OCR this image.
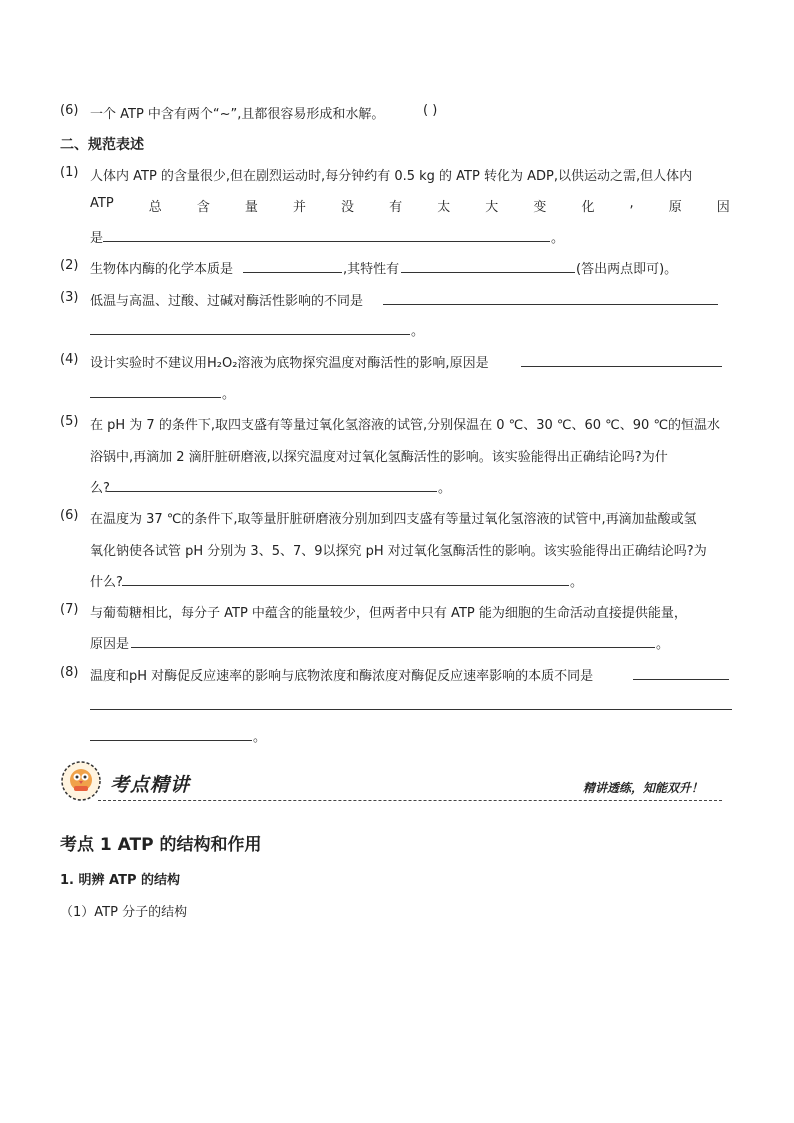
(6) 一个 ATP 中含有两个“~”,且都很容易形成和水解。	( )
二、规范表述
(1) 人体内 ATP 的含量很少,但在剧烈运动时,每分钟约有 0.5 kg 的 ATP 转化为 ADP,以供运动之需,但人体内
ATP	总	含	量	并	没	有	太	大	变	化	,	原	因
是	。
(2) 生物体内酶的化学本质是	,其特性有	(答出两点即可)。
(3) 低温与高温、过酸、过碱对酶活性影响的不同是
。
(4) 设计实验时不建议用H₂O₂溶液为底物探究温度对酶活性的影响,原因是
。
(5) 在 pH 为 7 的条件下,取四支盛有等量过氧化氢溶液的试管,分别保温在 0 ℃、30 ℃、60 ℃、90 ℃的恒温水
浴锅中,再滴加 2 滴肝脏研磨液,以探究温度对过氧化氢酶活性的影响。该实验能得出正确结论吗?为什
么?	。
(6) 在温度为 37 ℃的条件下,取等量肝脏研磨液分别加到四支盛有等量过氧化氢溶液的试管中,再滴加盐酸或氢
氧化钠使各试管 pH 分别为 3、5、7、9以探究 pH 对过氧化氢酶活性的影响。该实验能得出正确结论吗?为
什么?	。
(7) 与葡萄糖相比，每分子 ATP 中蕴含的能量较少，但两者中只有 ATP 能为细胞的生命活动直接提供能量，
原因是	。
(8) 温度和pH 对酶促反应速率的影响与底物浓度和酶浓度对酶促反应速率影响的本质不同是
。
考点精讲	精讲透练，知能双升！
考点 1 ATP 的结构和作用
1. 明辨 ATP 的结构
（1）ATP 分子的结构
